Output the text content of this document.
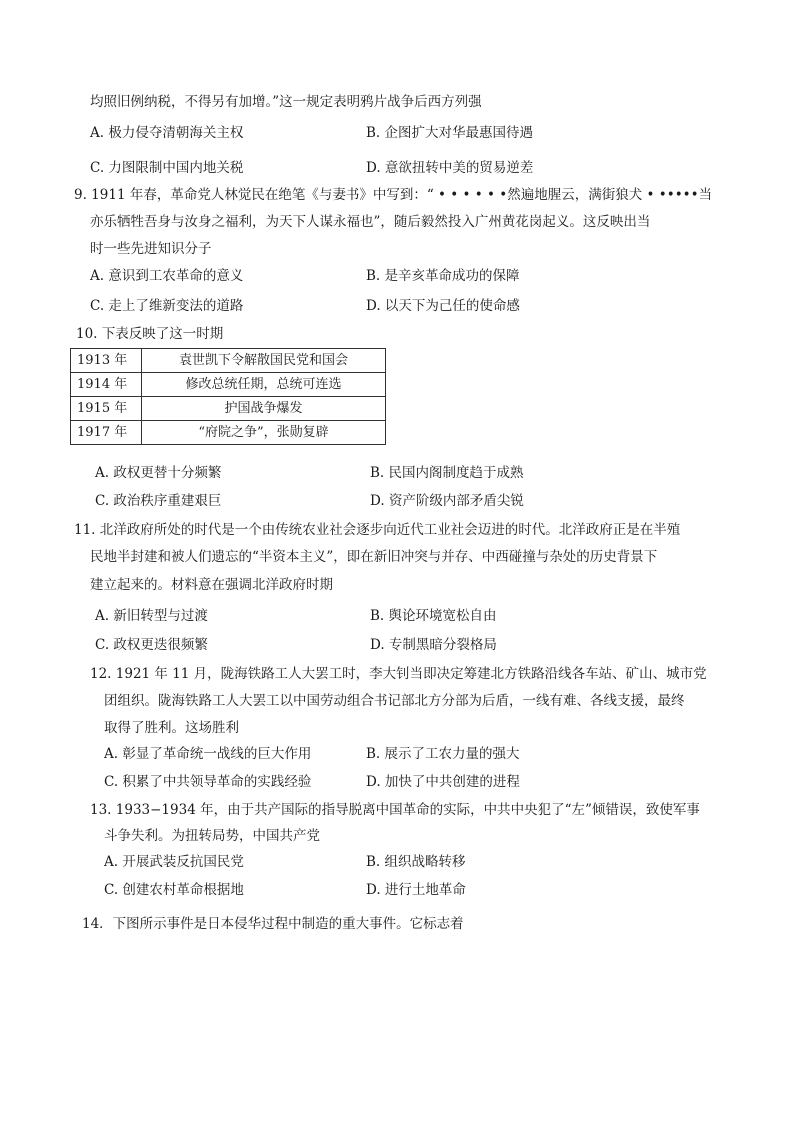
均照旧例纳税，不得另有加增。”这一规定表明鸦片战争后西方列强
A. 极力侵夺清朝海关主权	B. 企图扩大对华最惠国待遇
C. 力图限制中国内地关税	D. 意欲扭转中美的贸易逆差
9. 1911 年春，革命党人林觉民在绝笔《与妻书》中写到：“ • • • • • •然遍地腥云，满街狼犬 • •••••当
亦乐牺牲吾身与汝身之福利，为天下人谋永福也”，随后毅然投入广州黄花岗起义。这反映出当
时一些先进知识分子
A. 意识到工农革命的意义	B. 是辛亥革命成功的保障
C. 走上了维新变法的道路	D. 以天下为己任的使命感
10. 下表反映了这一时期
1913 年	袁世凯下令解散国民党和国会
1914 年	修改总统任期，总统可连选
1915 年	护国战争爆发
1917 年	“府院之争”，张勋复辟
A. 政权更替十分频繁	B. 民国内阁制度趋于成熟
C. 政治秩序重建艰巨	D. 资产阶级内部矛盾尖锐
11. 北洋政府所处的时代是一个由传统农业社会逐步向近代工业社会迈进的时代。北洋政府正是在半殖
民地半封建和被人们遗忘的“半资本主义”，即在新旧冲突与并存、中西碰撞与杂处的历史背景下
建立起来的。材料意在强调北洋政府时期
A. 新旧转型与过渡	B. 舆论环境宽松自由
C. 政权更迭很频繁	D. 专制黑暗分裂格局
12. 1921 年 11 月，陇海铁路工人大罢工时，李大钊当即决定筹建北方铁路沿线各车站、矿山、城市党
团组织。陇海铁路工人大罢工以中国劳动组合书记部北方分部为后盾，一线有难、各线支援，最终
取得了胜利。这场胜利
A. 彰显了革命统一战线的巨大作用	B. 展示了工农力量的强大
C. 积累了中共领导革命的实践经验	D. 加快了中共创建的进程
13. 1933−1934 年，由于共产国际的指导脱离中国革命的实际，中共中央犯了“左”倾错误，致使军事
斗争失利。为扭转局势，中国共产党
A. 开展武装反抗国民党	B. 组织战略转移
C. 创建农村革命根据地	D. 进行土地革命
14．下图所示事件是日本侵华过程中制造的重大事件。它标志着
